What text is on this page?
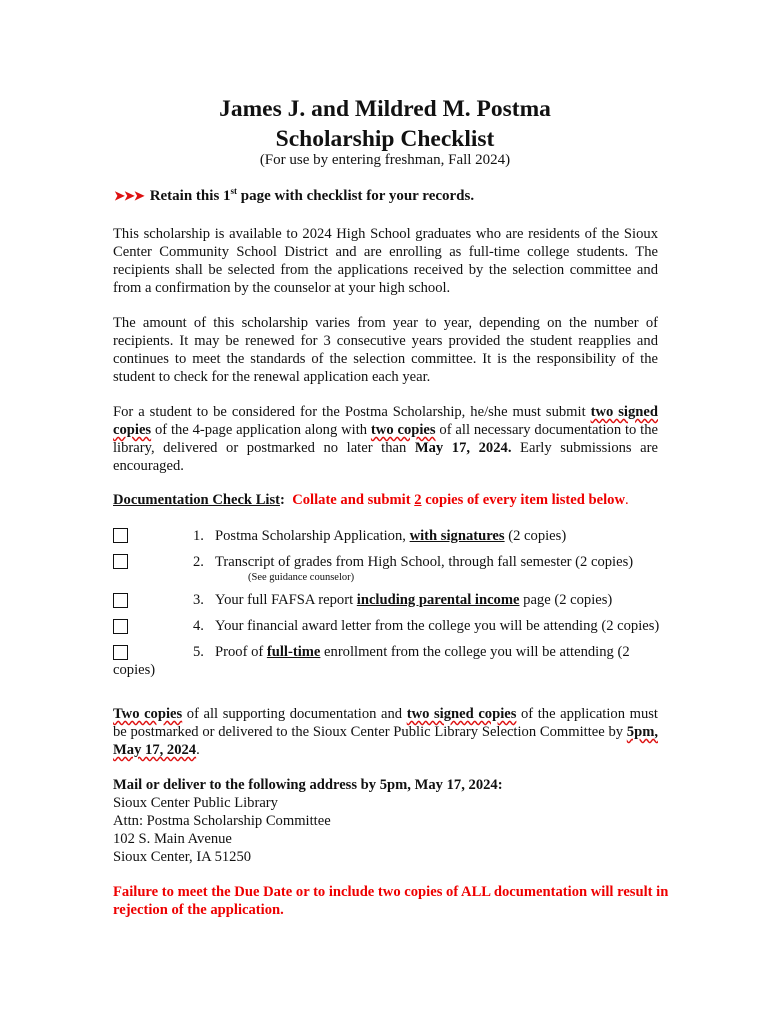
James J. and Mildred M. Postma
Scholarship Checklist
(For use by entering freshman, Fall 2024)
➤➤➤ Retain this 1st page with checklist for your records.
This scholarship is available to 2024 High School graduates who are residents of the Sioux Center Community School District and are enrolling as full-time college students. The recipients shall be selected from the applications received by the selection committee and from a confirmation by the counselor at your high school.
The amount of this scholarship varies from year to year, depending on the number of recipients. It may be renewed for 3 consecutive years provided the student reapplies and continues to meet the standards of the selection committee. It is the responsibility of the student to check for the renewal application each year.
For a student to be considered for the Postma Scholarship, he/she must submit two signed copies of the 4-page application along with two copies of all necessary documentation to the library, delivered or postmarked no later than May 17, 2024. Early submissions are encouraged.
Documentation Check List: Collate and submit 2 copies of every item listed below.
1. Postma Scholarship Application, with signatures (2 copies)
2. Transcript of grades from High School, through fall semester (2 copies)
(See guidance counselor)
3. Your full FAFSA report including parental income page (2 copies)
4. Your financial award letter from the college you will be attending (2 copies)
5. Proof of full-time enrollment from the college you will be attending (2
copies)
Two copies of all supporting documentation and two signed copies of the application must be postmarked or delivered to the Sioux Center Public Library Selection Committee by 5pm, May 17, 2024.
Mail or deliver to the following address by 5pm, May 17, 2024:
Sioux Center Public Library
Attn: Postma Scholarship Committee
102 S. Main Avenue
Sioux Center, IA 51250
Failure to meet the Due Date or to include two copies of ALL documentation will result in rejection of the application.
